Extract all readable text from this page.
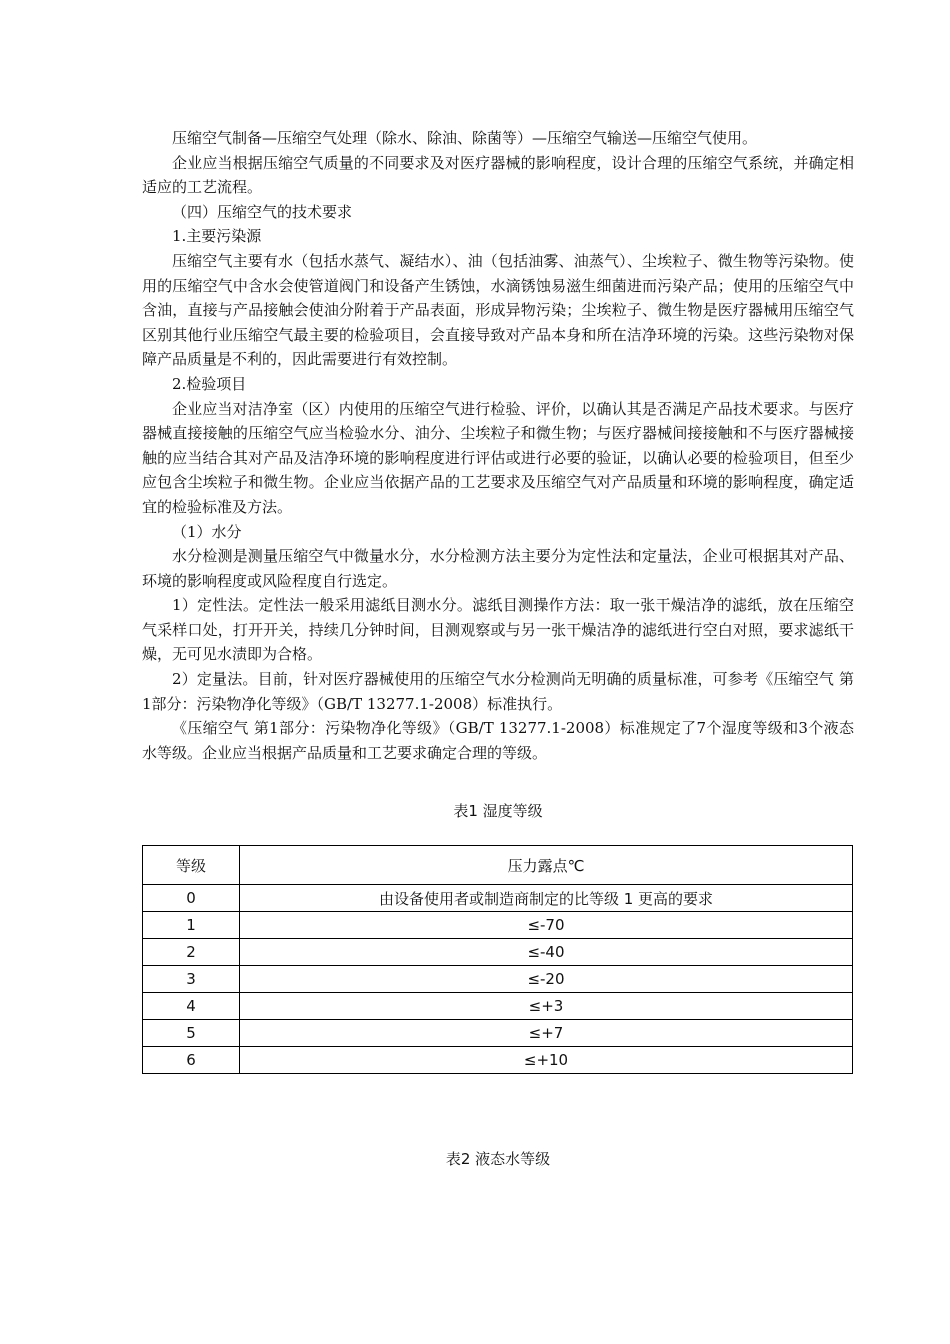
压缩空气制备—压缩空气处理（除水、除油、除菌等）—压缩空气输送—压缩空气使用。

企业应当根据压缩空气质量的不同要求及对医疗器械的影响程度，设计合理的压缩空气系统，并确定相适应的工艺流程。

（四）压缩空气的技术要求

1.主要污染源

压缩空气主要有水（包括水蒸气、凝结水）、油（包括油雾、油蒸气）、尘埃粒子、微生物等污染物。使用的压缩空气中含水会使管道阀门和设备产生锈蚀，水滴锈蚀易滋生细菌进而污染产品；使用的压缩空气中含油，直接与产品接触会使油分附着于产品表面，形成异物污染；尘埃粒子、微生物是医疗器械用压缩空气区别其他行业压缩空气最主要的检验项目，会直接导致对产品本身和所在洁净环境的污染。这些污染物对保障产品质量是不利的，因此需要进行有效控制。

2.检验项目

企业应当对洁净室（区）内使用的压缩空气进行检验、评价，以确认其是否满足产品技术要求。与医疗器械直接接触的压缩空气应当检验水分、油分、尘埃粒子和微生物；与医疗器械间接接触和不与医疗器械接触的应当结合其对产品及洁净环境的影响程度进行评估或进行必要的验证，以确认必要的检验项目，但至少应包含尘埃粒子和微生物。企业应当依据产品的工艺要求及压缩空气对产品质量和环境的影响程度，确定适宜的检验标准及方法。

（1）水分

水分检测是测量压缩空气中微量水分，水分检测方法主要分为定性法和定量法，企业可根据其对产品、环境的影响程度或风险程度自行选定。

1）定性法。定性法一般采用滤纸目测水分。滤纸目测操作方法：取一张干燥洁净的滤纸，放在压缩空气采样口处，打开开关，持续几分钟时间，目测观察或与另一张干燥洁净的滤纸进行空白对照，要求滤纸干燥，无可见水渍即为合格。

2）定量法。目前，针对医疗器械使用的压缩空气水分检测尚无明确的质量标准，可参考《压缩空气 第1部分：污染物净化等级》（GB/T 13277.1-2008）标准执行。

《压缩空气 第1部分：污染物净化等级》（GB/T 13277.1-2008）标准规定了7个湿度等级和3个液态水等级。企业应当根据产品质量和工艺要求确定合理的等级。

表1 湿度等级
等级	压力露点℃
0	由设备使用者或制造商制定的比等级 1 更高的要求
1	≤-70
2	≤-40
3	≤-20
4	≤+3
5	≤+7
6	≤+10
表2 液态水等级
